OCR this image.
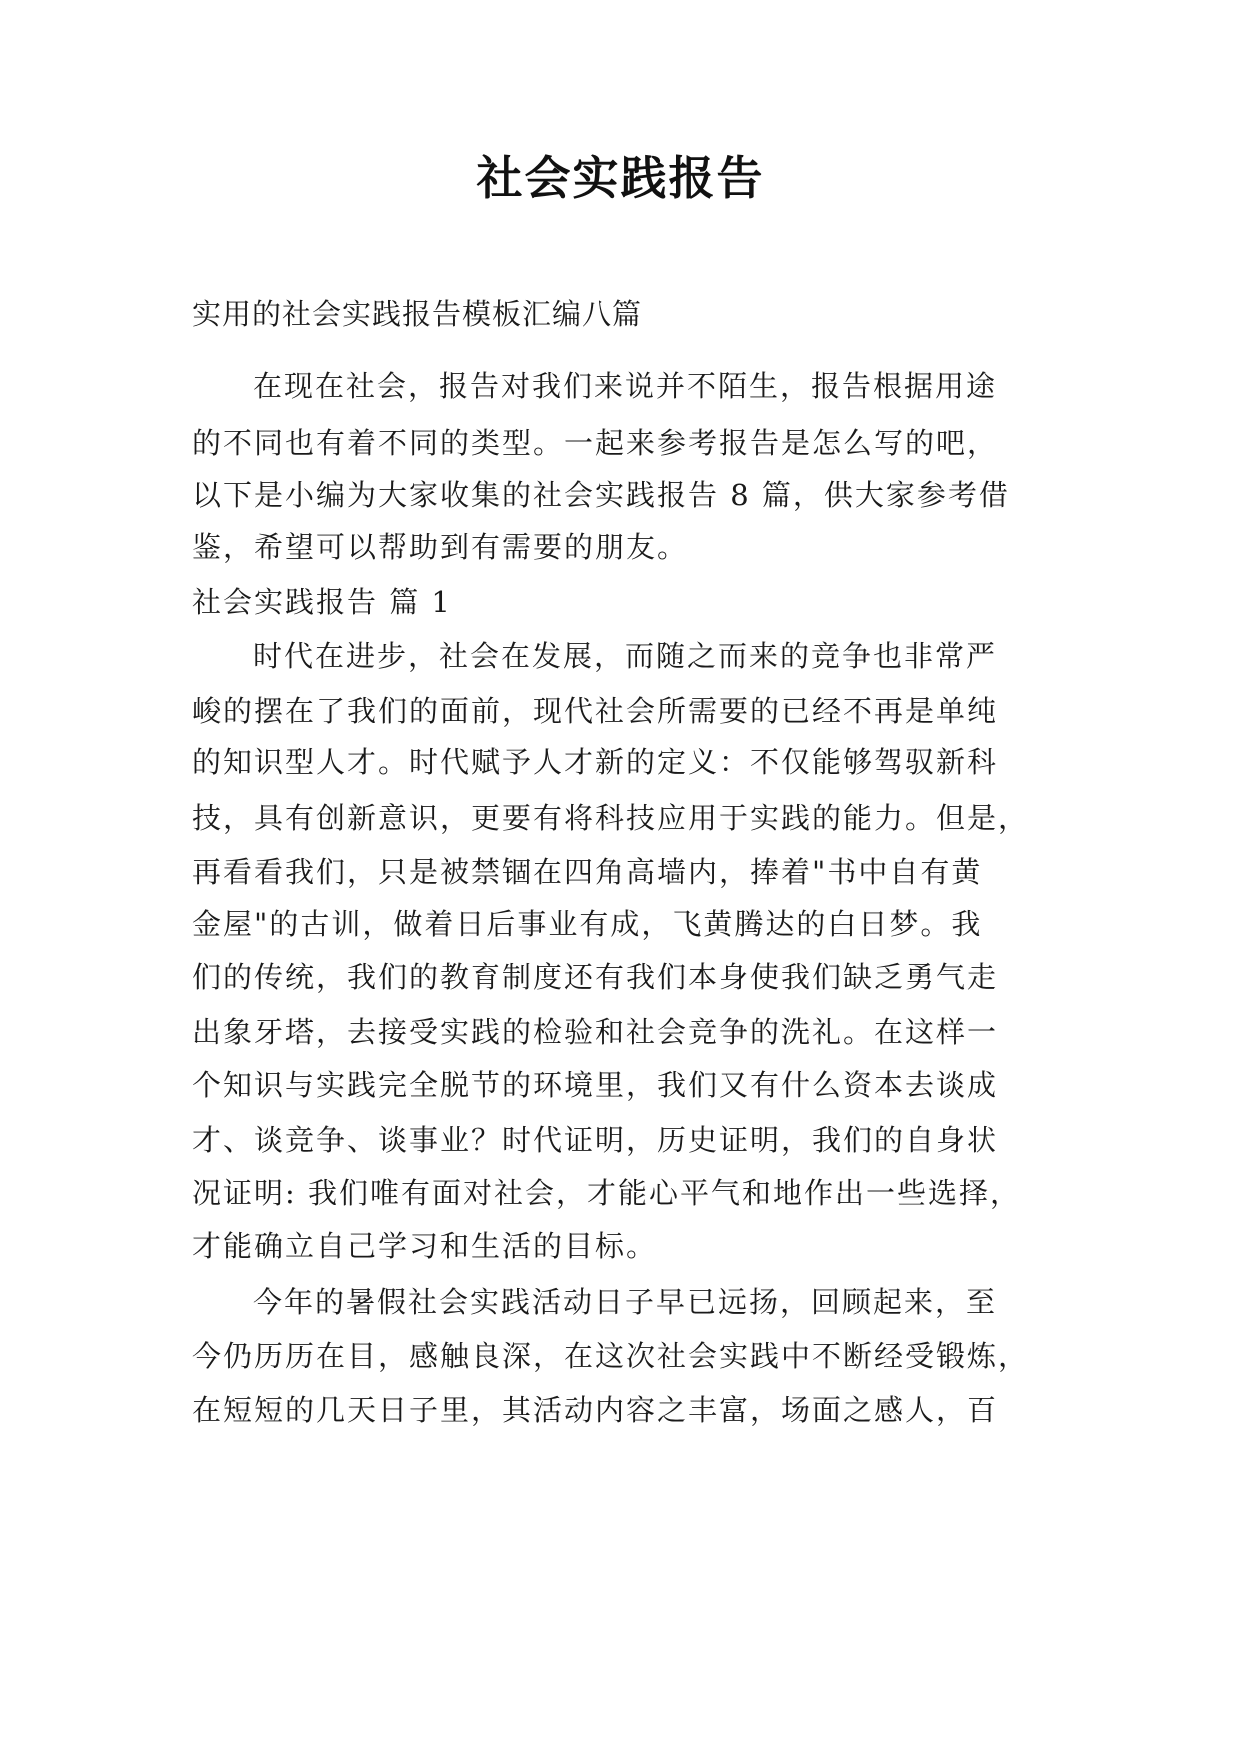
社会实践报告
实用的社会实践报告模板汇编八篇
在现在社会，报告对我们来说并不陌生，报告根据用途
的不同也有着不同的类型。一起来参考报告是怎么写的吧，
以下是小编为大家收集的社会实践报告 8 篇，供大家参考借
鉴，希望可以帮助到有需要的朋友。
社会实践报告 篇 1
时代在进步，社会在发展，而随之而来的竞争也非常严
峻的摆在了我们的面前，现代社会所需要的已经不再是单纯
的知识型人才。时代赋予人才新的定义：不仅能够驾驭新科
技，具有创新意识，更要有将科技应用于实践的能力。但是，
再看看我们，只是被禁锢在四角高墙内，捧着"书中自有黄
金屋"的古训，做着日后事业有成，飞黄腾达的白日梦。我
们的传统，我们的教育制度还有我们本身使我们缺乏勇气走
出象牙塔，去接受实践的检验和社会竞争的洗礼。在这样一
个知识与实践完全脱节的环境里，我们又有什么资本去谈成
才、谈竞争、谈事业？时代证明，历史证明，我们的自身状
况证明: 我们唯有面对社会，才能心平气和地作出一些选择，
才能确立自己学习和生活的目标。
今年的暑假社会实践活动日子早已远扬，回顾起来，至
今仍历历在目，感触良深，在这次社会实践中不断经受锻炼，
在短短的几天日子里，其活动内容之丰富，场面之感人，百
